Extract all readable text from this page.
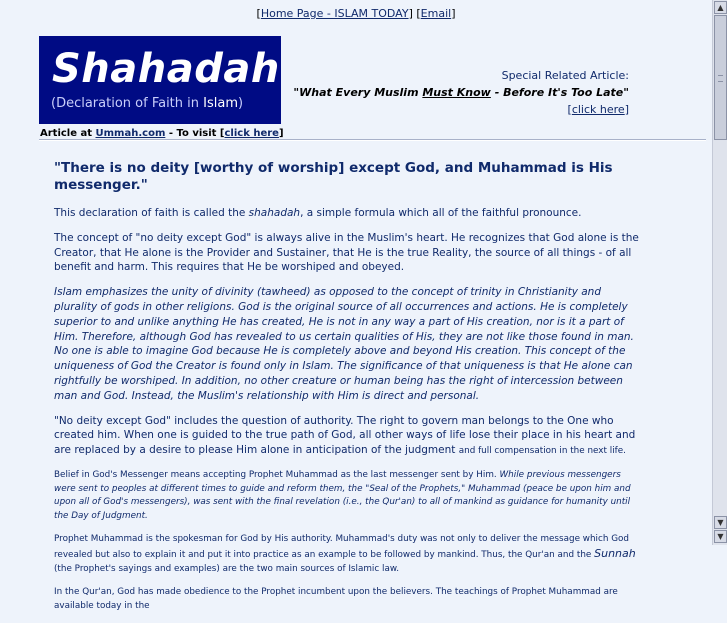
[Home Page - ISLAM TODAY] [Email]
Shahadah
(Declaration of Faith in Islam)
Article at Ummah.com - To visit [click here]
Special Related Article:
"What Every Muslim Must Know - Before It's Too Late"
[click here]
"There is no deity [worthy of worship] except God, and Muhammad is His messenger."

This declaration of faith is called the shahadah, a simple formula which all of the faithful pronounce.

The concept of "no deity except God" is always alive in the Muslim's heart. He recognizes that God alone is the Creator, that He alone is the Provider and Sustainer, that He is the true Reality, the source of all things - of all benefit and harm. This requires that He be worshiped and obeyed.

Islam emphasizes the unity of divinity (tawheed) as opposed to the concept of trinity in Christianity and plurality of gods in other religions. God is the original source of all occurrences and actions. He is completely superior to and unlike anything He has created, He is not in any way a part of His creation, nor is it a part of Him. Therefore, although God has revealed to us certain qualities of His, they are not like those found in man. No one is able to imagine God because He is completely above and beyond His creation. This concept of the uniqueness of God the Creator is found only in Islam. The significance of that uniqueness is that He alone can rightfully be worshiped. In addition, no other creature or human being has the right of intercession between man and God. Instead, the Muslim's relationship with Him is direct and personal.

"No deity except God" includes the question of authority. The right to govern man belongs to the One who created him. When one is guided to the true path of God, all other ways of life lose their place in his heart and are replaced by a desire to please Him alone in anticipation of the judgment and full compensation in the next life.

Belief in God's Messenger means accepting Prophet Muhammad as the last messenger sent by Him. While previous messengers were sent to peoples at different times to guide and reform them, the "Seal of the Prophets," Muhammad (peace be upon him and upon all of God's messengers), was sent with the final revelation (i.e., the Qur'an) to all of mankind as guidance for humanity until the Day of Judgment.

Prophet Muhammad is the spokesman for God by His authority. Muhammad's duty was not only to deliver the message which God revealed but also to explain it and put it into practice as an example to be followed by mankind. Thus, the Qur'an and the Sunnah (the Prophet's sayings and examples) are the two main sources of Islamic law.

In the Qur'an, God has made obedience to the Prophet incumbent upon the believers. The teachings of Prophet Muhammad are available today in the

▲
▼
▼
